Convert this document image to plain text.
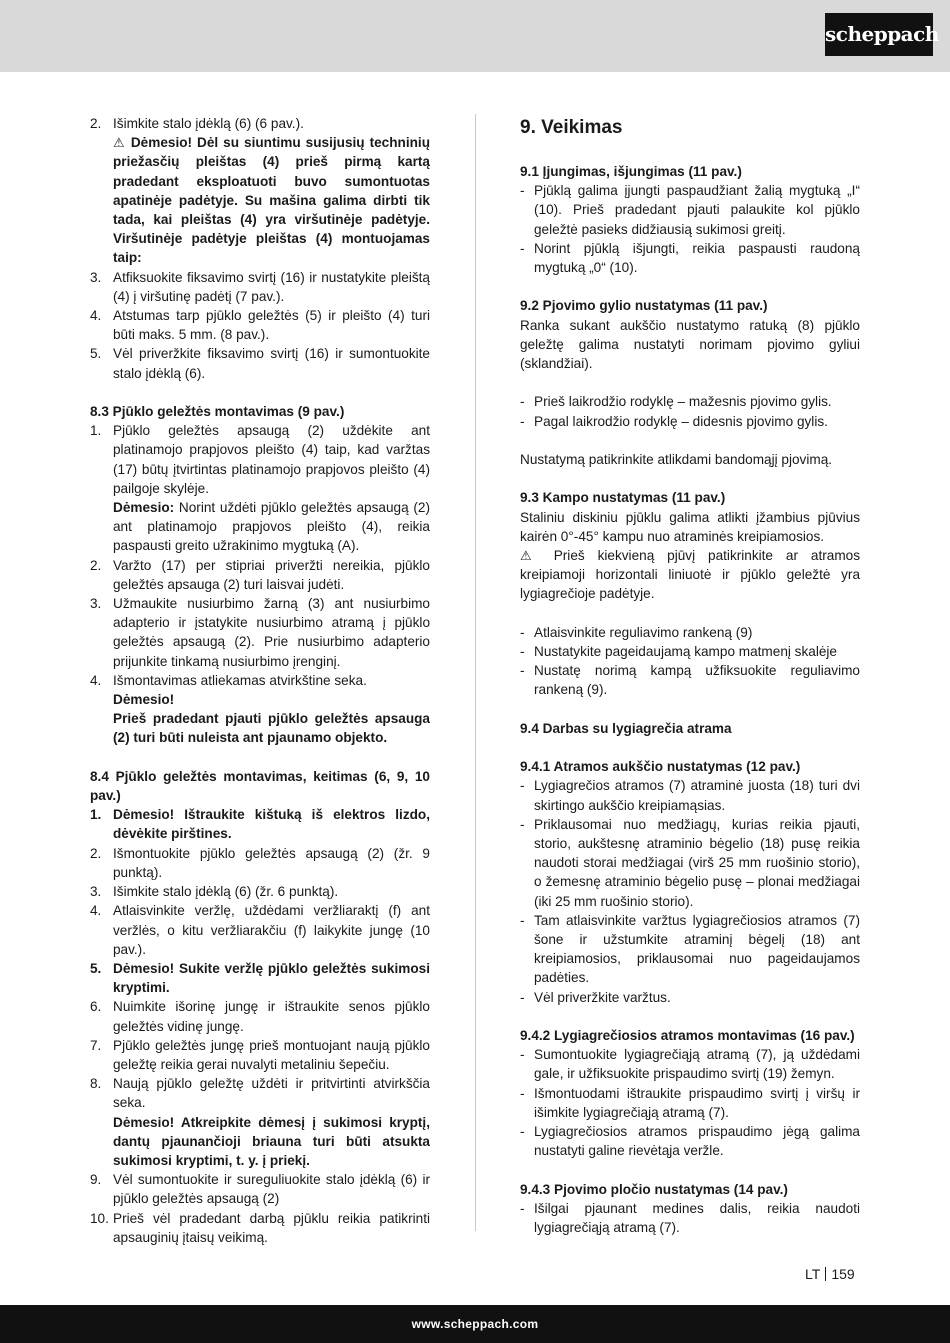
scheppach
2. Išimkite stalo įdėklą (6) (6 pav.).
⚠ Dėmesio! Dėl su siuntimu susijusių techninių priežasčių pleištas (4) prieš pirmą kartą pradedant eksploatuoti buvo sumontuotas apatinėje padėtyje. Su mašina galima dirbti tik tada, kai pleištas (4) yra viršutinėje padėtyje. Viršutinėje padėtyje pleištas (4) montuojamas taip:
3. Atfiksuokite fiksavimo svirtį (16) ir nustatykite pleištą (4) į viršutinę padėtį (7 pav.).
4. Atstumas tarp pjūklo geležtės (5) ir pleišto (4) turi būti maks. 5 mm. (8 pav.).
5. Vėl priveržkite fiksavimo svirtį (16) ir sumontuokite stalo įdėklą (6).
8.3 Pjūklo geležtės montavimas (9 pav.)
1. Pjūklo geležtės apsaugą (2) uždėkite ant platinamojo prapjovos pleišto (4) taip, kad varžtas (17) būtų įtvirtintas platinamojo prapjovos pleišto (4) pailgoje skylėje.
Dėmesio: Norint uždėti pjūklo geležtės apsaugą (2) ant platinamojo prapjovos pleišto (4), reikia paspausti greito užrakinimo mygtuką (A).
2. Varžto (17) per stipriai priveržti nereikia, pjūklo geležtės apsauga (2) turi laisvai judėti.
3. Užmaukite nusiurbimo žarną (3) ant nusiurbimo adapterio ir įstatykite nusiurbimo atramą į pjūklo geležtės apsaugą (2). Prie nusiurbimo adapterio prijunkite tinkamą nusiurbimo įrenginį.
4. Išmontavimas atliekamas atvirkštine seka.
Dėmesio!
Prieš pradedant pjauti pjūklo geležtės apsauga (2) turi būti nuleista ant pjaunamo objekto.
8.4 Pjūklo geležtės montavimas, keitimas (6, 9, 10 pav.)
1. Dėmesio! Ištraukite kištuką iš elektros lizdo, dėvėkite pirštines.
2. Išmontuokite pjūklo geležtės apsaugą (2) (žr. 9 punktą).
3. Išimkite stalo įdėklą (6) (žr. 6 punktą).
4. Atlaisvinkite veržlę, uždėdami veržliaraktį (f) ant veržlės, o kitu veržliarakčiu (f) laikykite jungę (10 pav.).
5. Dėmesio! Sukite veržlę pjūklo geležtės sukimosi kryptimi.
6. Nuimkite išorinę jungę ir ištraukite senos pjūklo geležtės vidinę jungę.
7. Pjūklo geležtės jungę prieš montuojant naują pjūklo geležtę reikia gerai nuvalyti metaliniu šepečiu.
8. Naują pjūklo geležtę uždėti ir pritvirtinti atvirkščia seka.
Dėmesio! Atkreipkite dėmesį į sukimosi kryptį, dantų pjaunančioji briauna turi būti atsukta sukimosi kryptimi, t. y. į priekį.
9. Vėl sumontuokite ir sureguliuokite stalo įdėklą (6) ir pjūklo geležtės apsaugą (2)
10. Prieš vėl pradedant darbą pjūklu reikia patikrinti apsauginių įtaisų veikimą.
9. Veikimas
9.1 Įjungimas, išjungimas (11 pav.)
- Pjūklą galima įjungti paspaudžiant žalią mygtuką „I“ (10). Prieš pradedant pjauti palaukite kol pjūklo geležtė pasieks didžiausią sukimosi greitį.
- Norint pjūklą išjungti, reikia paspausti raudoną mygtuką „0“ (10).
9.2 Pjovimo gylio nustatymas (11 pav.)
Ranka sukant aukščio nustatymo ratuką (8) pjūklo geležtę galima nustatyti norimam pjovimo gyliui (sklandžiai).
- Prieš laikrodžio rodyklę – mažesnis pjovimo gylis.
- Pagal laikrodžio rodyklę – didesnis pjovimo gylis.
Nustatymą patikrinkite atlikdami bandomąjį pjovimą.
9.3 Kampo nustatymas (11 pav.)
Staliniu diskiniu pjūklu galima atlikti įžambius pjūvius kairėn 0°-45° kampu nuo atraminės kreipiamosios.
⚠ Prieš kiekvieną pjūvį patikrinkite ar atramos kreipiamoji horizontali liniuotė ir pjūklo geležtė yra lygiagrečioje padėtyje.
- Atlaisvinkite reguliavimo rankeną (9)
- Nustatykite pageidaujamą kampo matmenį skalėje
- Nustatę norimą kampą užfiksuokite reguliavimo rankeną (9).
9.4 Darbas su lygiagrečia atrama
9.4.1 Atramos aukščio nustatymas (12 pav.)
- Lygiagrečios atramos (7) atraminė juosta (18) turi dvi skirtingo aukščio kreipiamąsias.
- Priklausomai nuo medžiagų, kurias reikia pjauti, storio, aukštesnę atraminio bėgelio (18) pusę reikia naudoti storai medžiagai (virš 25 mm ruošinio storio), o žemesnę atraminio bėgelio pusę – plonai medžiagai (iki 25 mm ruošinio storio).
- Tam atlaisvinkite varžtus lygiagrečiosios atramos (7) šone ir užstumkite atraminį bėgelį (18) ant kreipiamosios, priklausomai nuo pageidaujamos padėties.
- Vėl priveržkite varžtus.
9.4.2 Lygiagrečiosios atramos montavimas (16 pav.)
- Sumontuokite lygiagrečiąją atramą (7), ją uždėdami gale, ir užfiksuokite prispaudimo svirtį (19) žemyn.
- Išmontuodami ištraukite prispaudimo svirtį į viršų ir išimkite lygiagrečiąją atramą (7).
- Lygiagrečiosios atramos prispaudimo jėgą galima nustatyti galine rievėtąja veržle.
9.4.3 Pjovimo pločio nustatymas (14 pav.)
- Išilgai pjaunant medines dalis, reikia naudoti lygiagrečiąją atramą (7).
LT 159
www.scheppach.com
